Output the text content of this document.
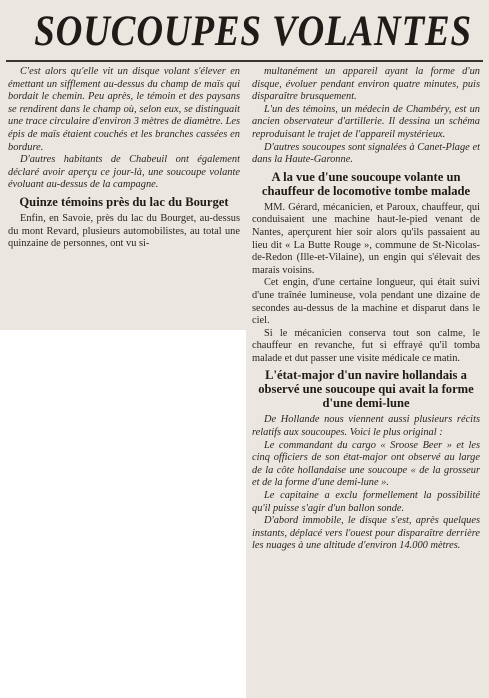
SOUCOUPES VOLANTES

C'est alors qu'elle vit un disque volant s'élever en émettant un sifflement au-dessus du champ de maïs qui bordait le chemin. Peu après, le témoin et des paysans se rendirent dans le champ où, selon eux, se distinguait une trace circulaire d'environ 3 mètres de diamètre. Les épis de maïs étaient couchés et les branches cassées en bordure.

D'autres habitants de Chabeuil ont également déclaré avoir aperçu ce jour-là, une soucoupe volante évoluant au-dessus de la campagne.

Quinze témoins près du lac du Bourget

Enfin, en Savoie, près du lac du Bourget, au-dessus du mont Revard, plusieurs automobilistes, au total une quinzaine de personnes, ont vu si-

multanément un appareil ayant la forme d'un disque, évoluer pendant environ quatre minutes, puis disparaître brusquement.

L'un des témoins, un médecin de Chambéry, est un ancien observateur d'artillerie. Il dessina un schéma reproduisant le trajet de l'appareil mystérieux.

D'autres soucoupes sont signalées à Canet-Plage et dans la Haute-Garonne.

A la vue d'une soucoupe volante un chauffeur de locomotive tombe malade

MM. Gérard, mécanicien, et Paroux, chauffeur, qui conduisaient une machine haut-le-pied venant de Nantes, aperçurent hier soir alors qu'ils passaient au lieu dit « La Butte Rouge », commune de St-Nicolas-de-Redon (Ille-et-Vilaine), un engin qui s'élevait des marais voisins.

Cet engin, d'une certaine longueur, qui était suivi d'une traînée lumineuse, vola pendant une dizaine de secondes au-dessus de la machine et disparut dans le ciel.

Si le mécanicien conserva tout son calme, le chauffeur en revanche, fut si effrayé qu'il tomba malade et dut passer une visite médicale ce matin.

L'état-major d'un navire hollandais a observé une soucoupe qui avait la forme d'une demi-lune

De Hollande nous viennent aussi plusieurs récits relatifs aux soucoupes. Voici le plus original :

Le commandant du cargo « Sroose Beer » et les cinq officiers de son état-major ont observé au large de la côte hollandaise une soucoupe « de la grosseur et de la forme d'une demi-lune ».

Le capitaine a exclu formellement la possibilité qu'il puisse s'agir d'un ballon sonde.

D'abord immobile, le disque s'est, après quelques instants, déplacé vers l'ouest pour disparaître derrière les nuages à une altitude d'environ 14.000 mètres.
